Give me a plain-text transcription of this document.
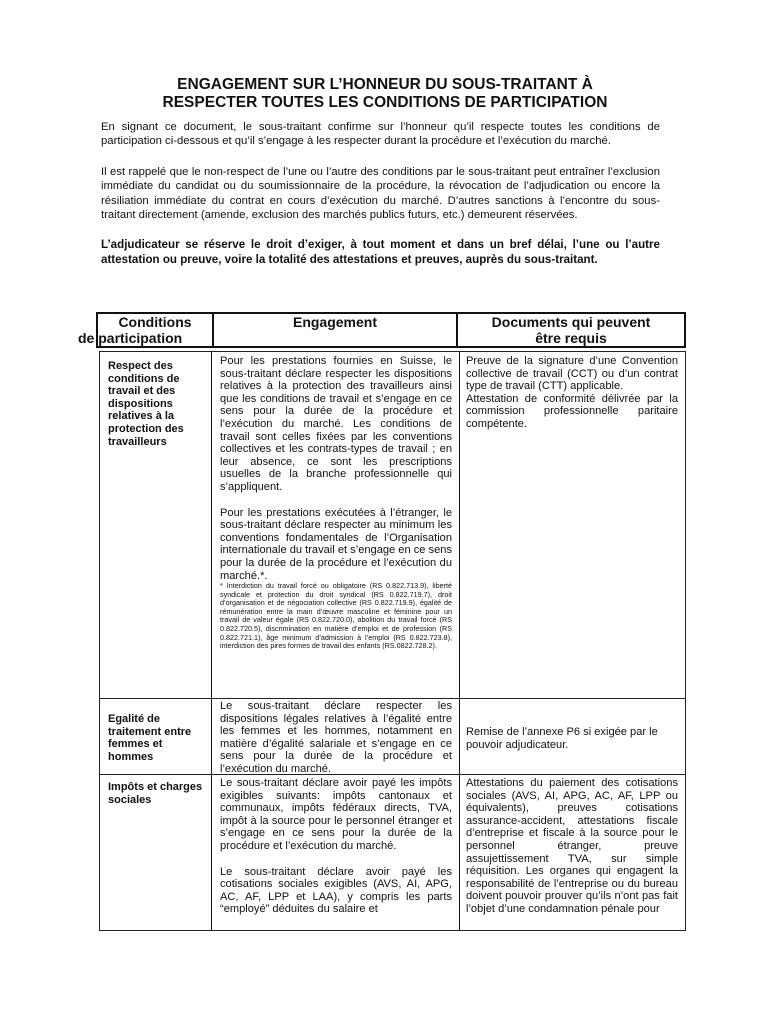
ENGAGEMENT SUR L’HONNEUR DU SOUS-TRAITANT À
RESPECTER TOUTES LES CONDITIONS DE PARTICIPATION
En signant ce document, le sous-traitant confirme sur l’honneur qu’il respecte toutes les conditions de participation ci-dessous et qu’il s’engage à les respecter durant la procédure et l’exécution du marché.
Il est rappelé que le non-respect de l’une ou l’autre des conditions par le sous-traitant peut entraîner l’exclusion immédiate du candidat ou du soumissionnaire de la procédure, la révocation de l’adjudication ou encore la résiliation immédiate du contrat en cours d’exécution du marché. D’autres sanctions à l’encontre du sous-traitant directement (amende, exclusion des marchés publics futurs, etc.) demeurent réservées.
L’adjudicateur se réserve le droit d’exiger, à tout moment et dans un bref délai, l’une ou l’autre attestation ou preuve, voire la totalité des attestations et preuves, auprès du sous-traitant.
Conditions	Engagement	Documents qui peuvent
être requis
de participation
Respect des conditions de travail et des dispositions relatives à la protection des travailleurs
Pour les prestations fournies en Suisse, le sous-traitant déclare respecter les dispositions relatives à la protection des travailleurs ainsi que les conditions de travail et s’engage en ce sens pour la durée de la procédure et l’exécution du marché. Les conditions de travail sont celles fixées par les conventions collectives et les contrats-types de travail ; en leur absence, ce sont les prescriptions usuelles de la branche professionnelle qui s’appliquent.
Pour les prestations exécutées à l’étranger, le sous-traitant déclare respecter au minimum les conventions fondamentales de l’Organisation internationale du travail et s’engage en ce sens pour la durée de la procédure et l’exécution du marché.*.
* Interdiction du travail forcé ou obligatoire (RS 0.822.713.9), liberté syndicale et protection du droit syndical (RS 0.822.719.7), droit d’organisation et de négociation collective (RS 0.822.719.9), égalité de rémunération entre la main d’œuvre masculine et féminine pour un travail de valeur égale (RS 0.822.720.0), abolition du travail forcé (RS 0.822.720.5), discrimination en matière d’emploi et de profession (RS 0.822.721.1), âge minimum d’admission à l’emploi (RS 0.822.723.8), interdiction des pires formes de travail des enfants (RS.0822.728.2).
Preuve de la signature d’une Convention collective de travail (CCT) ou d’un contrat type de travail (CTT) applicable.
Attestation de conformité délivrée par la commission professionnelle paritaire compétente.
Egalité de traitement entre femmes et hommes
Le sous-traitant déclare respecter les dispositions légales relatives à l’égalité entre les femmes et les hommes, notamment en matière d’égalité salariale et s’engage en ce sens pour la durée de la procédure et l’exécution du marché.
Remise de l’annexe P6 si exigée par le pouvoir adjudicateur.
Impôts et charges sociales
Le sous-traitant déclare avoir payé les impôts exigibles suivants: impôts cantonaux et communaux, impôts fédéraux directs, TVA, impôt à la source pour le personnel étranger et s’engage en ce sens pour la durée de la procédure et l’exécution du marché.
Le sous-traitant déclare avoir payé les cotisations sociales exigibles (AVS, AI, APG, AC, AF, LPP et LAA), y compris les parts “employé” déduites du salaire et
Attestations du paiement des cotisations sociales (AVS, AI, APG, AC, AF, LPP ou équivalents), preuves cotisations assurance-accident, attestations fiscale d’entreprise et fiscale à la source pour le personnel étranger, preuve assujettissement TVA, sur simple réquisition. Les organes qui engagent la responsabilité de l’entreprise ou du bureau doivent pouvoir prouver qu’ils n’ont pas fait l’objet d’une condamnation pénale pour
